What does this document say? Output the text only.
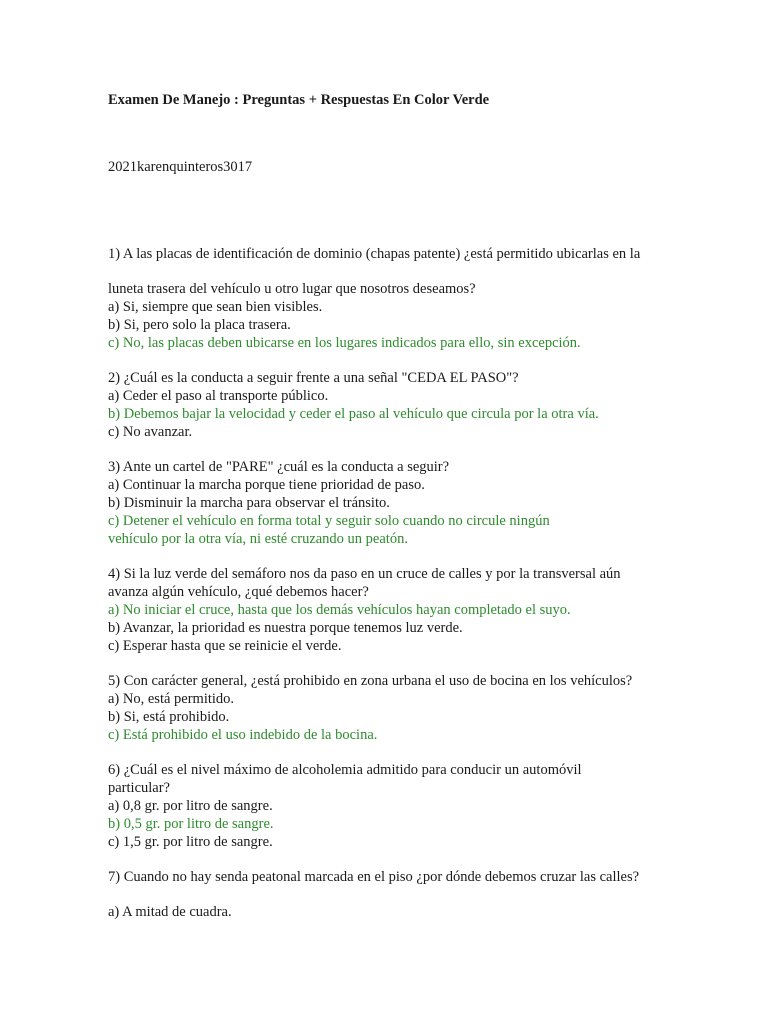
Examen De Manejo : Preguntas + Respuestas En Color Verde
2021karenquinteros3017
1) A las placas de identificación de dominio (chapas patente) ¿está permitido ubicarlas en la
luneta trasera del vehículo u otro lugar que nosotros deseamos?
a) Si, siempre que sean bien visibles.
b) Si, pero solo la placa trasera.
c) No, las placas deben ubicarse en los lugares indicados para ello, sin excepción.
2) ¿Cuál es la conducta a seguir frente a una señal "CEDA EL PASO"?
a) Ceder el paso al transporte público.
b) Debemos bajar la velocidad y ceder el paso al vehículo que circula por la otra vía.
c) No avanzar.
3) Ante un cartel de "PARE" ¿cuál es la conducta a seguir?
a) Continuar la marcha porque tiene prioridad de paso.
b) Disminuir la marcha para observar el tránsito.
c) Detener el vehículo en forma total y seguir solo cuando no circule ningún
vehículo por la otra vía, ni esté cruzando un peatón.
4) Si la luz verde del semáforo nos da paso en un cruce de calles y por la transversal aún
avanza algún vehículo, ¿qué debemos hacer?
a) No iniciar el cruce, hasta que los demás vehículos hayan completado el suyo.
b) Avanzar, la prioridad es nuestra porque tenemos luz verde.
c) Esperar hasta que se reinicie el verde.
5) Con carácter general, ¿está prohibido en zona urbana el uso de bocina en los vehículos?
a) No, está permitido.
b) Si, está prohibido.
c) Está prohibido el uso indebido de la bocina.
6) ¿Cuál es el nivel máximo de alcoholemia admitido para conducir un automóvil
particular?
a) 0,8 gr. por litro de sangre.
b) 0,5 gr. por litro de sangre.
c) 1,5 gr. por litro de sangre.
7) Cuando no hay senda peatonal marcada en el piso ¿por dónde debemos cruzar las calles?
a) A mitad de cuadra.
